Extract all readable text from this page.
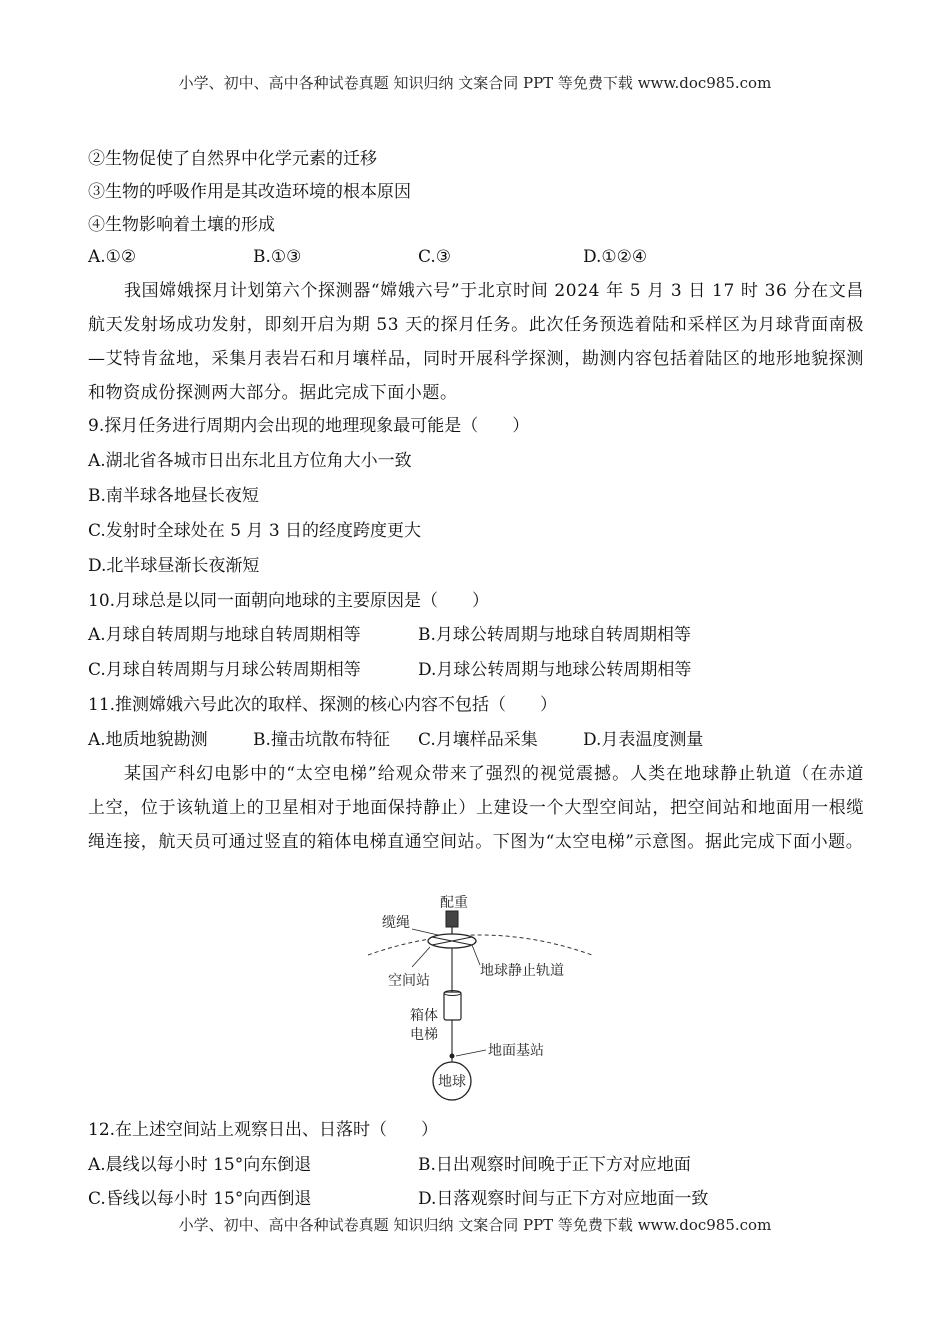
小学、初中、高中各种试卷真题 知识归纳 文案合同 PPT 等免费下载 www.doc985.com
②生物促使了自然界中化学元素的迁移
③生物的呼吸作用是其改造环境的根本原因
④生物影响着土壤的形成
A.①②	B.①③	C.③	D.①②④
我国嫦娥探月计划第六个探测器“嫦娥六号”于北京时间 2024 年 5 月 3 日 17 时 36 分在文昌航天发射场成功发射，即刻开启为期 53 天的探月任务。此次任务预选着陆和采样区为月球背面南极—艾特肯盆地，采集月表岩石和月壤样品，同时开展科学探测，勘测内容包括着陆区的地形地貌探测和物资成份探测两大部分。据此完成下面小题。
9.探月任务进行周期内会出现的地理现象最可能是（　　）
A.湖北省各城市日出东北且方位角大小一致
B.南半球各地昼长夜短
C.发射时全球处在 5 月 3 日的经度跨度更大
D.北半球昼渐长夜渐短
10.月球总是以同一面朝向地球的主要原因是（　　）
A.月球自转周期与地球自转周期相等	B.月球公转周期与地球自转周期相等
C.月球自转周期与月球公转周期相等	D.月球公转周期与地球公转周期相等
11.推测嫦娥六号此次的取样、探测的核心内容不包括（　　）
A.地质地貌勘测	B.撞击坑散布特征 C.月壤样品采集	D.月表温度测量
某国产科幻电影中的“太空电梯”给观众带来了强烈的视觉震撼。人类在地球静止轨道（在赤道上空，位于该轨道上的卫星相对于地面保持静止）上建设一个大型空间站，把空间站和地面用一根缆绳连接，航天员可通过竖直的箱体电梯直通空间站。下图为“太空电梯”示意图。据此完成下面小题。
配重
缆绳
空间站
地球静止轨道
箱体
电梯
地面基站
地球
12.在上述空间站上观察日出、日落时（　　）
A.晨线以每小时 15°向东倒退	B.日出观察时间晚于正下方对应地面
C.昏线以每小时 15°向西倒退	D.日落观察时间与正下方对应地面一致
小学、初中、高中各种试卷真题 知识归纳 文案合同 PPT 等免费下载 www.doc985.com
